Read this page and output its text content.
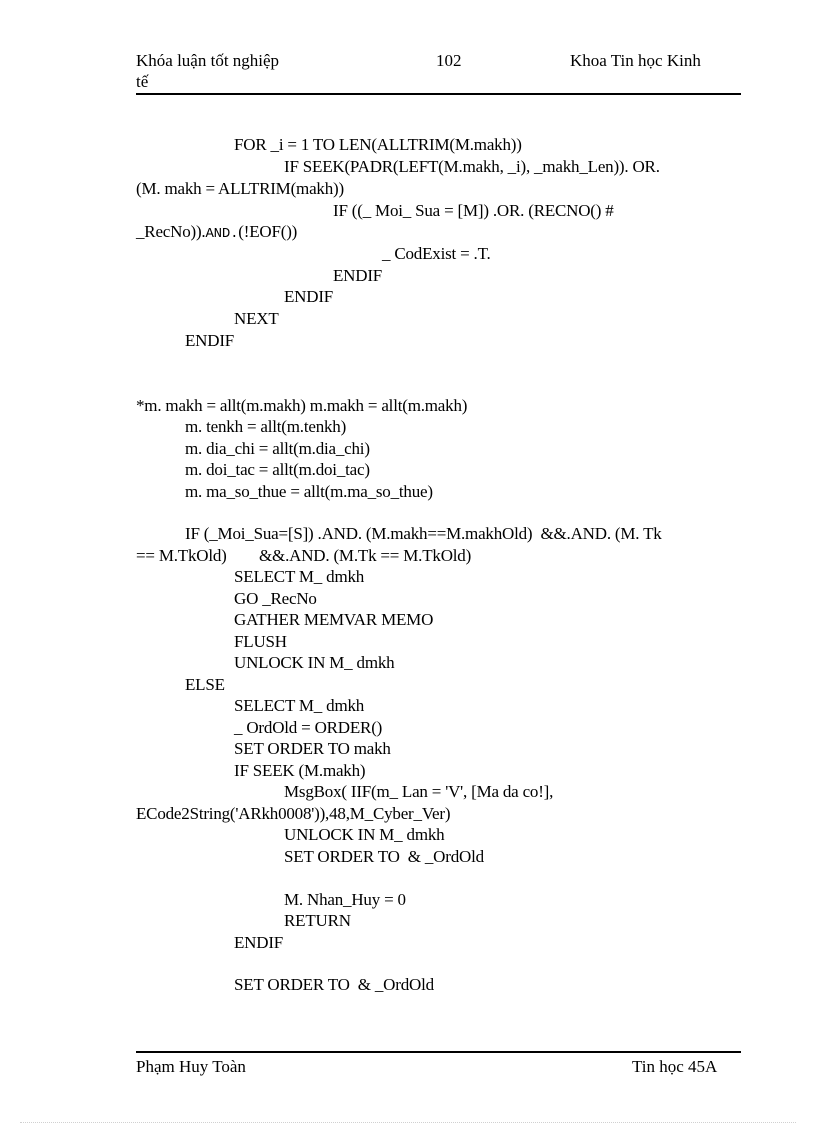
Khóa luận tốt nghiệp
tế
102	Khoa Tin học Kinh
FOR _i = 1 TO LEN(ALLTRIM(M.makh))
IF SEEK(PADR(LEFT(M.makh, _i), _makh_Len)). OR.
(M. makh = ALLTRIM(makh))
IF ((_ Moi_ Sua = [M]) .OR. (RECNO() #
_RecNo)).AND.(!EOF())
_ CodExist = .T.
ENDIF
ENDIF
NEXT
ENDIF
*m. makh = allt(m.makh) m.makh = allt(m.makh)
m. tenkh = allt(m.tenkh)
m. dia_chi = allt(m.dia_chi)
m. doi_tac = allt(m.doi_tac)
m. ma_so_thue = allt(m.ma_so_thue)
IF (_Moi_Sua=[S]) .AND. (M.makh==M.makhOld)  &&.AND. (M. Tk
== M.TkOld)        &&.AND. (M.Tk == M.TkOld)
SELECT M_ dmkh
GO _RecNo
GATHER MEMVAR MEMO
FLUSH
UNLOCK IN M_ dmkh
ELSE
SELECT M_ dmkh
_ OrdOld = ORDER()
SET ORDER TO makh
IF SEEK (M.makh)
MsgBox( IIF(m_ Lan = 'V', [Ma da co!],
ECode2String('ARkh0008')),48,M_Cyber_Ver)
UNLOCK IN M_ dmkh
SET ORDER TO  & _OrdOld
M. Nhan_Huy = 0
RETURN
ENDIF
SET ORDER TO  & _OrdOld
Phạm Huy Toàn	Tin học 45A
